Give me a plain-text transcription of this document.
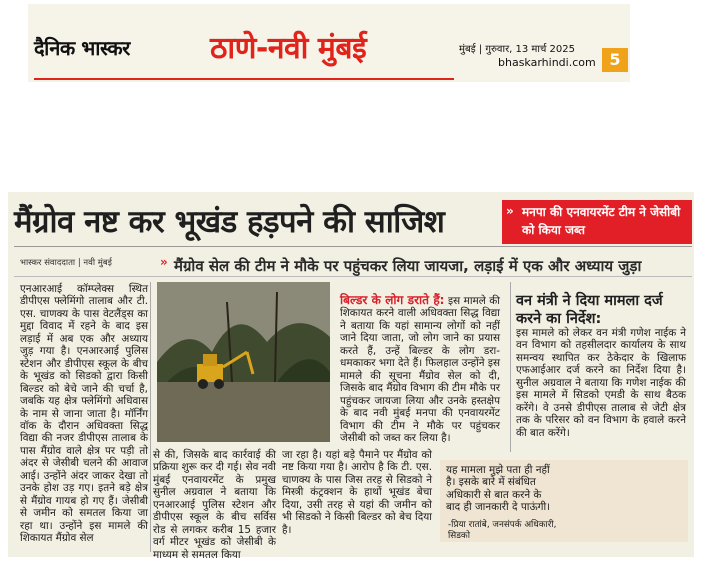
दैनिक भास्कर	ठाणे-नवी मुंबई	मुंबई | गुरुवार, 13 मार्च 2025
bhaskarhindi.com 5
मैंग्रोव नष्ट कर भूखंड हड़पने की साजिश	» मनपा की एनवायरमेंट टीम ने जेसीबी को किया जब्त
भास्कर संवाददाता | नवी मुंबई	» मैंग्रोव सेल की टीम ने मौके पर पहुंचकर लिया जायजा, लड़ाई में एक और अध्याय जुड़ा
एनआरआई कॉम्प्लेक्स स्थित डीपीएस फ्लेमिंगो तालाब और टी. एस. चाणक्य के पास वेटलैंड्स का मुद्दा विवाद में रहने के बाद इस लड़ाई में अब एक और अध्याय जुड़ गया है। एनआरआई पुलिस स्टेशन और डीपीएस स्कूल के बीच के भूखंड को सिडको द्वारा किसी बिल्डर को बेचे जाने की चर्चा है, जबकि यह क्षेत्र फ्लेमिंगो अधिवास के नाम से जाना जाता है। मॉर्निंग वॉक के दौरान अधिवक्ता सिद्ध विद्या की नजर डीपीएस तालाब के पास मैंग्रोव वाले क्षेत्र पर पड़ी तो अंदर से जेसीबी चलने की आवाज आई। उन्होंने अंदर जाकर देखा तो उनके होश उड़ गए। इतने बड़े क्षेत्र से मैंग्रोव गायब हो गए हैं। जेसीबी से जमीन को समतल किया जा रहा था। उन्होंने इस मामले की शिकायत मैंग्रोव सेल
से की, जिसके बाद कार्रवाई की प्रक्रिया शुरू कर दी गई। सेव नवी मुंबई एनवायरमेंट के प्रमुख सुनील अग्रवाल ने बताया कि एनआरआई पुलिस स्टेशन और डीपीएस स्कूल के बीच सर्विस रोड से लगकर करीब 15 हजार वर्ग मीटर भूखंड को जेसीबी के माध्यम से समतल किया
जा रहा है। यहां बड़े पैमाने पर मैंग्रोव को नष्ट किया गया है। आरोप है कि टी. एस. चाणक्य के पास जिस तरह से सिडको ने मिस्त्री कंट्रक्शन के हाथों भूखंड बेचा दिया, उसी तरह से यहां की जमीन को भी सिडको ने किसी बिल्डर को बेच दिया है।
बिल्डर के लोग डराते हैं: इस मामले की शिकायत करने वाली अधिवक्ता सिद्ध विद्या ने बताया कि यहां सामान्य लोगों को नहीं जाने दिया जाता, जो लोग जाने का प्रयास करते हैं, उन्हें बिल्डर के लोग डरा-धमकाकर भगा देते हैं। फिलहाल उन्होंने इस मामले की सूचना मैंग्रोव सेल को दी, जिसके बाद मैंग्रोव विभाग की टीम मौके पर पहुंचकर जायजा लिया और उनके हस्तक्षेप के बाद नवी मुंबई मनपा की एनवायरमेंट विभाग की टीम ने मौके पर पहुंचकर जेसीबी को जब्त कर लिया है।
वन मंत्री ने दिया मामला दर्ज करने का निर्देश:
इस मामले को लेकर वन मंत्री गणेश नाईक ने वन विभाग को तहसीलदार कार्यालय के साथ समन्वय स्थापित कर ठेकेदार के खिलाफ एफआईआर दर्ज करने का निर्देश दिया है। सुनील अग्रवाल ने बताया कि गणेश नाईक की इस मामले में सिडको एमडी के साथ बैठक करेंगे। वे उनसे डीपीएस तालाब से जेटी क्षेत्र तक के परिसर को वन विभाग के हवाले करने की बात करेंगे।
यह मामला मुझे पता ही नहीं है। इसके बारे में संबंधित अधिकारी से बात करने के बाद ही जानकारी दे पाऊंगी।
-प्रिया रातांबे, जनसंपर्क अधिकारी, सिडको
